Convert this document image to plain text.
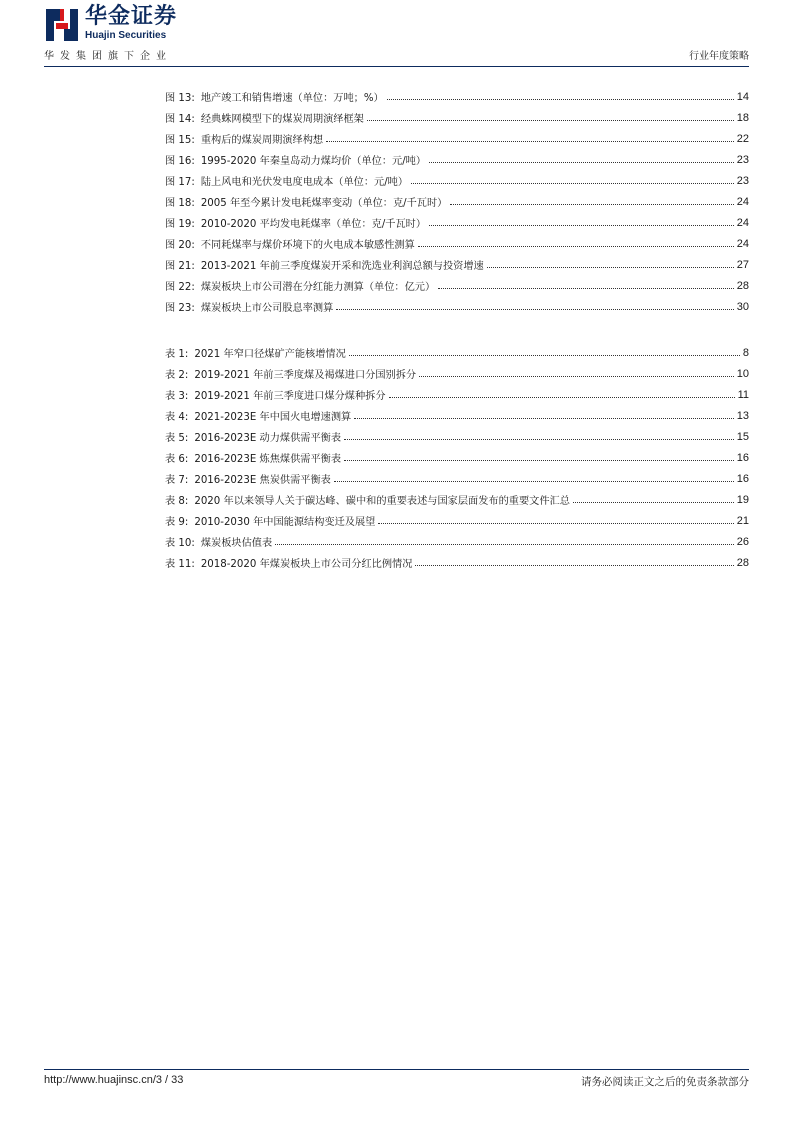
华金证券
Huajin Securities
华发集团旗下企业	行业年度策略
图 13: 地产竣工和销售增速（单位：万吨；%）	14
图 14: 经典蛛网模型下的煤炭周期演绎框架	18
图 15: 重构后的煤炭周期演绎构想	22
图 16: 1995-2020 年秦皇岛动力煤均价（单位：元/吨）	23
图 17: 陆上风电和光伏发电度电成本（单位：元/吨）	23
图 18: 2005 年至今累计发电耗煤率变动（单位：克/千瓦时）	24
图 19: 2010-2020 平均发电耗煤率（单位：克/千瓦时）	24
图 20: 不同耗煤率与煤价环境下的火电成本敏感性测算	24
图 21: 2013-2021 年前三季度煤炭开采和洗选业利润总额与投资增速	27
图 22: 煤炭板块上市公司潜在分红能力测算（单位：亿元）	28
图 23: 煤炭板块上市公司股息率测算	30
表 1: 2021 年窄口径煤矿产能核增情况	8
表 2: 2019-2021 年前三季度煤及褐煤进口分国别拆分	10
表 3: 2019-2021 年前三季度进口煤分煤种拆分	11
表 4: 2021-2023E 年中国火电增速测算	13
表 5: 2016-2023E 动力煤供需平衡表	15
表 6: 2016-2023E 炼焦煤供需平衡表	16
表 7: 2016-2023E 焦炭供需平衡表	16
表 8: 2020 年以来领导人关于碳达峰、碳中和的重要表述与国家层面发布的重要文件汇总	19
表 9: 2010-2030 年中国能源结构变迁及展望	21
表 10: 煤炭板块估值表	26
表 11: 2018-2020 年煤炭板块上市公司分红比例情况	28
http://www.huajinsc.cn/3 / 33	请务必阅读正文之后的免责条款部分
